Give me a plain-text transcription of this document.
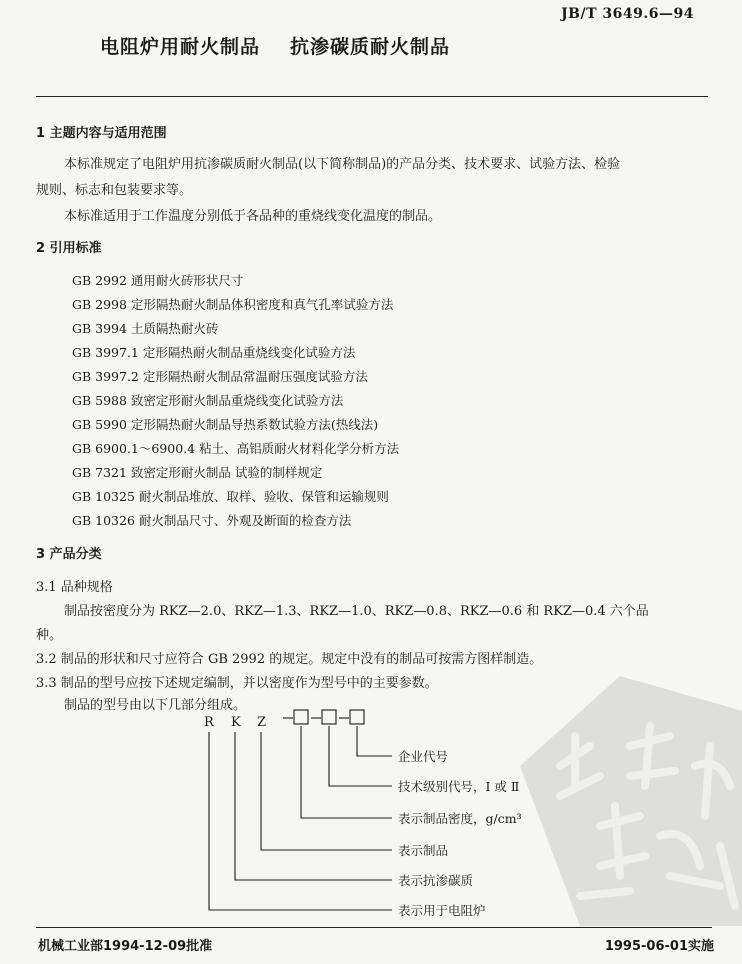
JB/T 3649.6—94
电阻炉用耐火制品 抗渗碳质耐火制品
1 主题内容与适用范围
本标准规定了电阻炉用抗渗碳质耐火制品(以下简称制品)的产品分类、技术要求、试验方法、检验
规则、标志和包装要求等。
本标准适用于工作温度分别低于各品种的重烧线变化温度的制品。
2 引用标准
GB 2992 通用耐火砖形状尺寸
GB 2998 定形隔热耐火制品体积密度和真气孔率试验方法
GB 3994 土质隔热耐火砖
GB 3997.1 定形隔热耐火制品重烧线变化试验方法
GB 3997.2 定形隔热耐火制品常温耐压强度试验方法
GB 5988 致密定形耐火制品重烧线变化试验方法
GB 5990 定形隔热耐火制品导热系数试验方法(热线法)
GB 6900.1～6900.4 粘土、高铝质耐火材料化学分析方法
GB 7321 致密定形耐火制品 试验的制样规定
GB 10325 耐火制品堆放、取样、验收、保管和运输规则
GB 10326 耐火制品尺寸、外观及断面的检查方法
3 产品分类
3.1 品种规格
制品按密度分为 RKZ—2.0、RKZ—1.3、RKZ—1.0、RKZ—0.8、RKZ—0.6 和 RKZ—0.4 六个品
种。
3.2 制品的形状和尺寸应符合 GB 2992 的规定。规定中没有的制品可按需方图样制造。
3.3 制品的型号应按下述规定编制，并以密度作为型号中的主要参数。
制品的型号由以下几部分组成。
R K Z
企业代号
技术级别代号，Ⅰ 或 Ⅱ
表示制品密度，g/cm³
表示制品
表示抗渗碳质
表示用于电阻炉
机械工业部1994-12-09批准	1995-06-01实施
